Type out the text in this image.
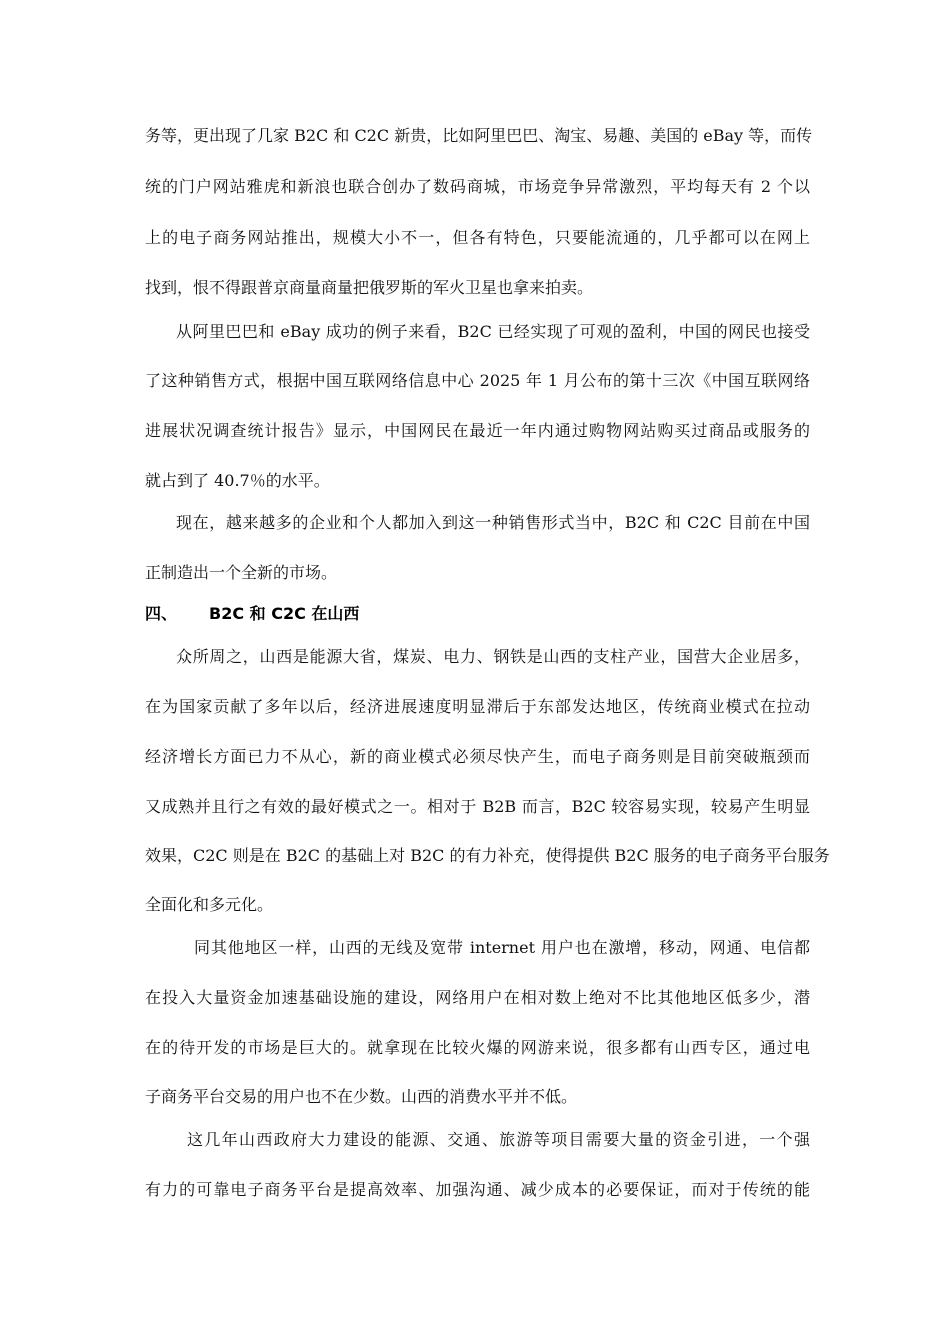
务等，更出现了几家 B2C 和 C2C 新贵，比如阿里巴巴、淘宝、易趣、美国的 eBay 等，而传
统的门户网站雅虎和新浪也联合创办了数码商城，市场竞争异常激烈，平均每天有 2 个以
上的电子商务网站推出，规模大小不一，但各有特色，只要能流通的，几乎都可以在网上
找到，恨不得跟普京商量商量把俄罗斯的军火卫星也拿来拍卖。
从阿里巴巴和 eBay 成功的例子来看，B2C 已经实现了可观的盈利，中国的网民也接受
了这种销售方式，根据中国互联网络信息中心 2025 年 1 月公布的第十三次《中国互联网络
进展状况调查统计报告》显示，中国网民在最近一年内通过购物网站购买过商品或服务的
就占到了 40.7％的水平。
现在，越来越多的企业和个人都加入到这一种销售形式当中，B2C 和 C2C 目前在中国
正制造出一个全新的市场。
四、 B2C 和 C2C 在山西
众所周之，山西是能源大省，煤炭、电力、钢铁是山西的支柱产业，国营大企业居多，
在为国家贡献了多年以后，经济进展速度明显滞后于东部发达地区，传统商业模式在拉动
经济增长方面已力不从心，新的商业模式必须尽快产生，而电子商务则是目前突破瓶颈而
又成熟并且行之有效的最好模式之一。相对于 B2B 而言，B2C 较容易实现，较易产生明显
效果，C2C 则是在 B2C 的基础上对 B2C 的有力补充，使得提供 B2C 服务的电子商务平台服务
全面化和多元化。
同其他地区一样，山西的无线及宽带 internet 用户也在激增，移动，网通、电信都
在投入大量资金加速基础设施的建设，网络用户在相对数上绝对不比其他地区低多少，潜
在的待开发的市场是巨大的。就拿现在比较火爆的网游来说，很多都有山西专区，通过电
子商务平台交易的用户也不在少数。山西的消费水平并不低。
这几年山西政府大力建设的能源、交通、旅游等项目需要大量的资金引进，一个强
有力的可靠电子商务平台是提高效率、加强沟通、减少成本的必要保证，而对于传统的能
